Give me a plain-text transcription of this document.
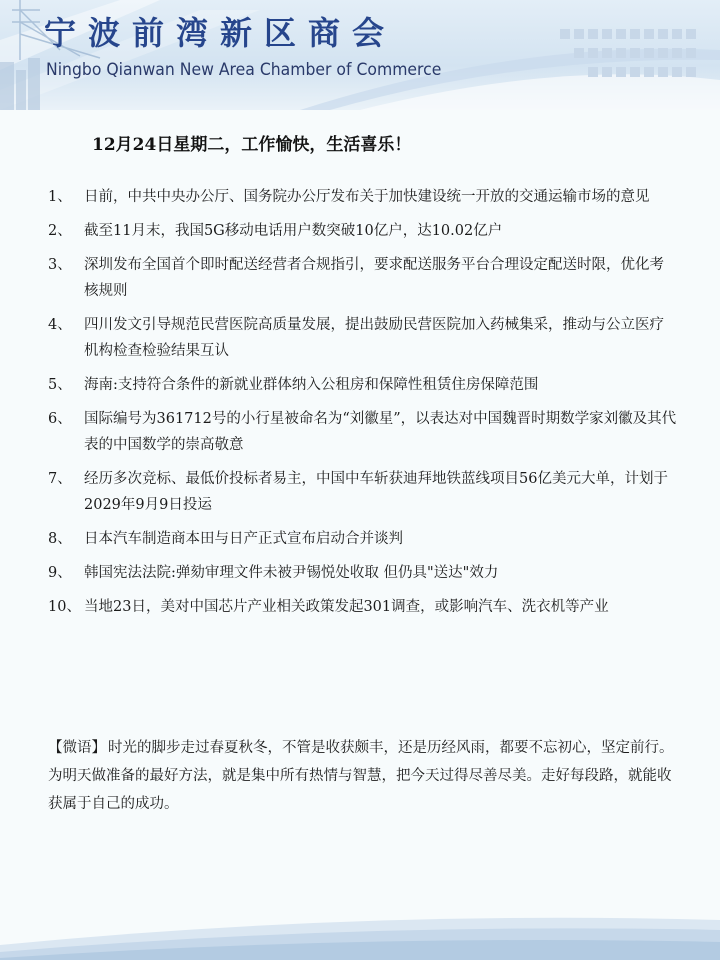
宁波前湾新区商会
Ningbo Qianwan New Area Chamber of Commerce
12月24日星期二，工作愉快，生活喜乐！
1、 日前，中共中央办公厅、国务院办公厅发布关于加快建设统一开放的交通运输市场的意见
2、 截至11月末，我国5G移动电话用户数突破10亿户，达10.02亿户
3、 深圳发布全国首个即时配送经营者合规指引，要求配送服务平台合理设定配送时限，优化考核规则
4、 四川发文引导规范民营医院高质量发展，提出鼓励民营医院加入药械集采，推动与公立医疗机构检查检验结果互认
5、 海南:支持符合条件的新就业群体纳入公租房和保障性租赁住房保障范围
6、 国际编号为361712号的小行星被命名为“刘徽星”，以表达对中国魏晋时期数学家刘徽及其代表的中国数学的崇高敬意
7、 经历多次竞标、最低价投标者易主，中国中车斩获迪拜地铁蓝线项目56亿美元大单，计划于2029年9月9日投运
8、 日本汽车制造商本田与日产正式宣布启动合并谈判
9、 韩国宪法法院:弹劾审理文件未被尹锡悦处收取 但仍具"送达"效力
10、 当地23日，美对中国芯片产业相关政策发起301调查，或影响汽车、洗衣机等产业
【微语】 时光的脚步走过春夏秋冬，不管是收获颇丰，还是历经风雨，都要不忘初心，坚定前行。为明天做准备的最好方法，就是集中所有热情与智慧，把今天过得尽善尽美。走好每段路，就能收获属于自己的成功。
